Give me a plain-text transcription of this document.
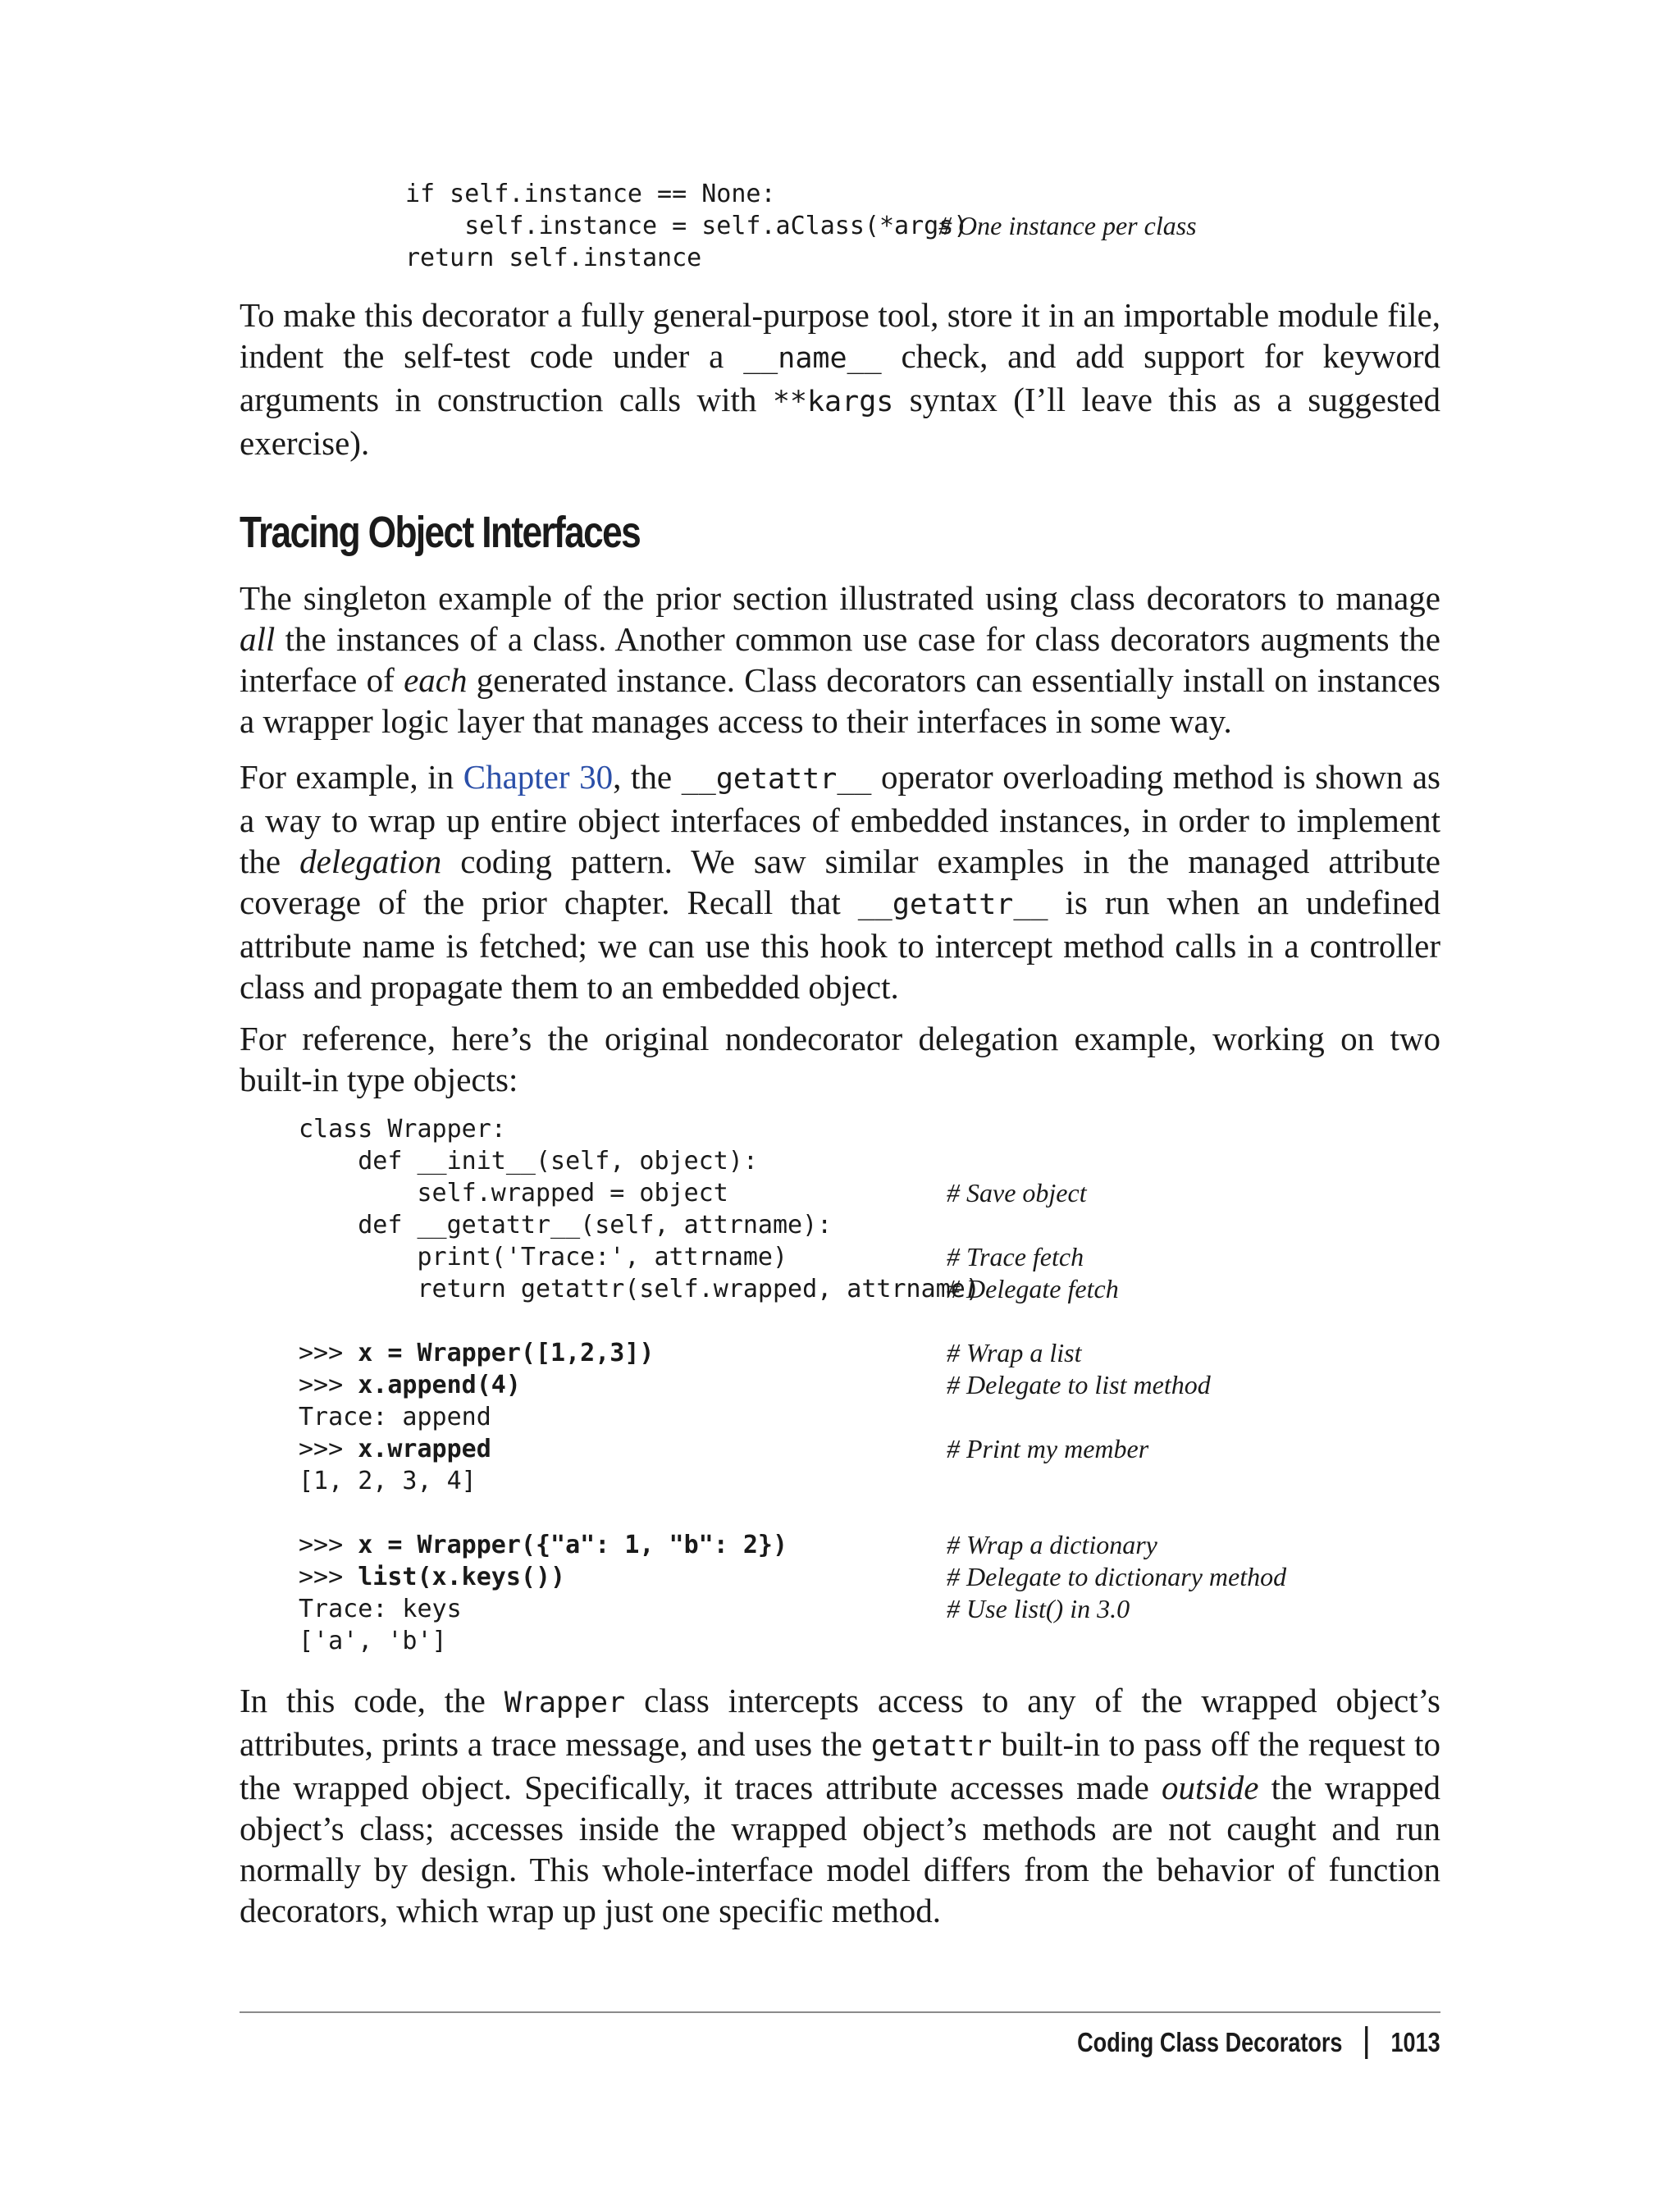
if self.instance == None:
self.instance = self.aClass(*args)
# One instance per class
return self.instance

To make this decorator a fully general-purpose tool, store it in an importable module file, indent the self-test code under a __name__ check, and add support for keyword arguments in construction calls with **kargs syntax (I’ll leave this as a suggested exercise).

Tracing Object Interfaces

The singleton example of the prior section illustrated using class decorators to manage all the instances of a class. Another common use case for class decorators augments the interface of each generated instance. Class decorators can essentially install on instances a wrapper logic layer that manages access to their interfaces in some way.

For example, in Chapter 30, the __getattr__ operator overloading method is shown as a way to wrap up entire object interfaces of embedded instances, in order to implement the delegation coding pattern. We saw similar examples in the managed attribute coverage of the prior chapter. Recall that __getattr__ is run when an undefined attribute name is fetched; we can use this hook to intercept method calls in a controller class and propagate them to an embedded object.

For reference, here’s the original nondecorator delegation example, working on two built-in type objects:

class Wrapper:
def __init__(self, object):
self.wrapped = object	# Save object
def __getattr__(self, attrname):
print('Trace:', attrname)	# Trace fetch
return getattr(self.wrapped, attrname)
# Delegate fetch
>>> x = Wrapper([1,2,3])	# Wrap a list
>>> x.append(4)	# Delegate to list method
Trace: append
>>> x.wrapped	# Print my member
[1, 2, 3, 4]
>>> x = Wrapper({"a": 1, "b": 2})	# Wrap a dictionary
>>> list(x.keys())	# Delegate to dictionary method
Trace: keys	# Use list() in 3.0
['a', 'b']

In this code, the Wrapper class intercepts access to any of the wrapped object’s attributes, prints a trace message, and uses the getattr built-in to pass off the request to the wrapped object. Specifically, it traces attribute accesses made outside the wrapped object’s class; accesses inside the wrapped object’s methods are not caught and run normally by design. This whole-interface model differs from the behavior of function decorators, which wrap up just one specific method.

Coding Class Decorators 1013
